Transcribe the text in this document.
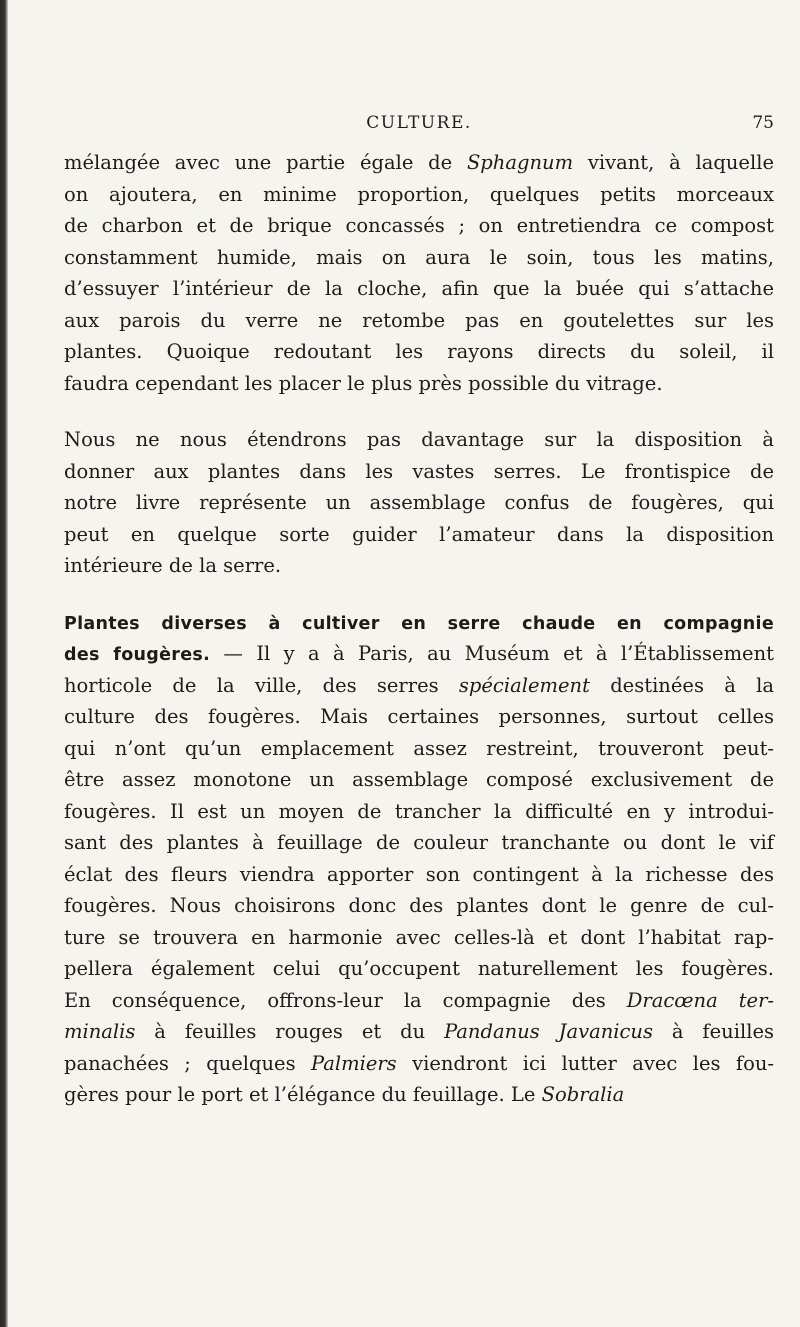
CULTURE.	75
mélangée avec une partie égale de Sphagnum vivant, à laquelle
on ajoutera, en minime proportion, quelques petits morceaux
de charbon et de brique concassés ; on entretiendra ce compost
constamment humide, mais on aura le soin, tous les matins,
d’essuyer l’intérieur de la cloche, afin que la buée qui s’attache
aux parois du verre ne retombe pas en goutelettes sur les
plantes. Quoique redoutant les rayons directs du soleil, il
faudra cependant les placer le plus près possible du vitrage.
Nous ne nous étendrons pas davantage sur la disposition à
donner aux plantes dans les vastes serres. Le frontispice de
notre livre représente un assemblage confus de fougères, qui
peut en quelque sorte guider l’amateur dans la disposition
intérieure de la serre.
Plantes diverses à cultiver en serre chaude en compagnie
des fougères. — Il y a à Paris, au Muséum et à l’Établissement
horticole de la ville, des serres spécialement destinées à la
culture des fougères. Mais certaines personnes, surtout celles
qui n’ont qu’un emplacement assez restreint, trouveront peut-
être assez monotone un assemblage composé exclusivement de
fougères. Il est un moyen de trancher la difficulté en y introdui-
sant des plantes à feuillage de couleur tranchante ou dont le vif
éclat des fleurs viendra apporter son contingent à la richesse des
fougères. Nous choisirons donc des plantes dont le genre de cul-
ture se trouvera en harmonie avec celles-là et dont l’habitat rap-
pellera également celui qu’occupent naturellement les fougères.
En conséquence, offrons-leur la compagnie des Dracœna ter-
minalis à feuilles rouges et du Pandanus Javanicus à feuilles
panachées ; quelques Palmiers viendront ici lutter avec les fou-
gères pour le port et l’élégance du feuillage. Le Sobralia
